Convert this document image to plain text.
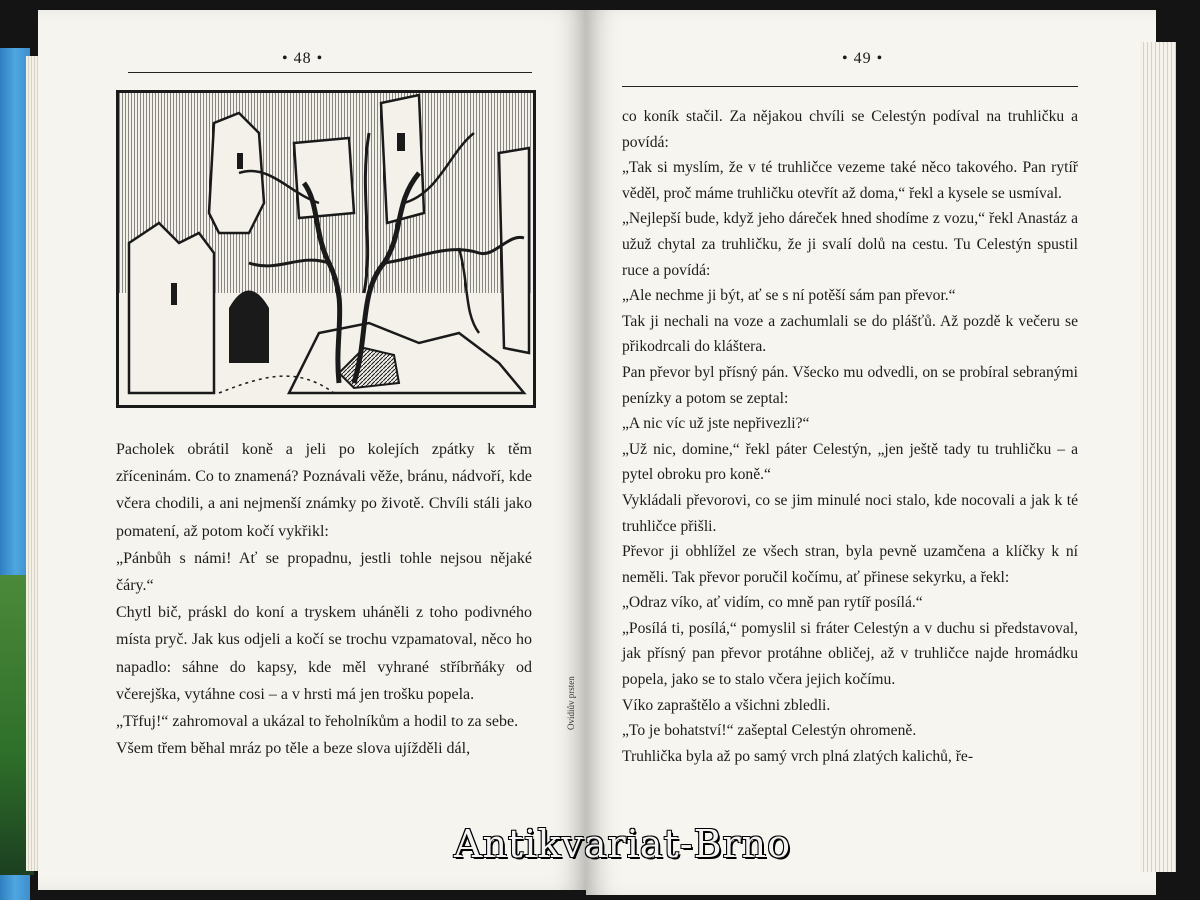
• 48 •

Pacholek obrátil koně a jeli po kolejích zpátky k těm zříceninám. Co to znamená? Poznávali věže, bránu, nádvoří, kde včera chodili, a ani nejmenší známky po životě. Chvíli stáli jako pomatení, až potom kočí vykřikl:

„Pánbůh s námi! Ať se propadnu, jestli tohle nejsou nějaké čáry.“

Chytl bič, práskl do koní a tryskem uháněli z toho podivného místa pryč. Jak kus odjeli a kočí se trochu vzpamatoval, něco ho napadlo: sáhne do kapsy, kde měl vyhrané stříbrňáky od včerejška, vytáhne cosi – a v hrsti má jen trošku popela.

„Třfuj!“ zahromoval a ukázal to řeholníkům a hodil to za sebe.

Všem třem běhal mráz po těle a beze slova ujížděli dál,

• 49 •

co koník stačil. Za nějakou chvíli se Celestýn podíval na truhličku a povídá:

„Tak si myslím, že v té truhličce vezeme také něco takového. Pan rytíř věděl, proč máme truhličku otevřít až doma,“ řekl a kysele se usmíval.

„Nejlepší bude, když jeho dáreček hned shodíme z vozu,“ řekl Anastáz a užuž chytal za truhličku, že ji svalí dolů na cestu. Tu Celestýn spustil ruce a povídá:

„Ale nechme ji být, ať se s ní potěší sám pan převor.“

Tak ji nechali na voze a zachumlali se do plášťů. Až pozdě k večeru se přikodrcali do kláštera.

Pan převor byl přísný pán. Všecko mu odvedli, on se probíral sebranými penízky a potom se zeptal:

„A nic víc už jste nepřivezli?“

„Už nic, domine,“ řekl páter Celestýn, „jen ještě tady tu truhličku – a pytel obroku pro koně.“

Vykládali převorovi, co se jim minulé noci stalo, kde nocovali a jak k té truhličce přišli.

Převor ji obhlížel ze všech stran, byla pevně uzamčena a klíčky k ní neměli. Tak převor poručil kočímu, ať přinese sekyrku, a řekl:

„Odraz víko, ať vidím, co mně pan rytíř posílá.“

„Posílá ti, posílá,“ pomyslil si fráter Celestýn a v duchu si představoval, jak přísný pan převor protáhne obličej, až v truhličce najde hromádku popela, jako se to stalo včera jejich kočímu.

Víko zapraštělo a všichni zbledli.

„To je bohatství!“ zašeptal Celestýn ohromeně.

Truhlička byla až po samý vrch plná zlatých kalichů, ře-

Ovidiův prsten
Antikvariat-Brno
